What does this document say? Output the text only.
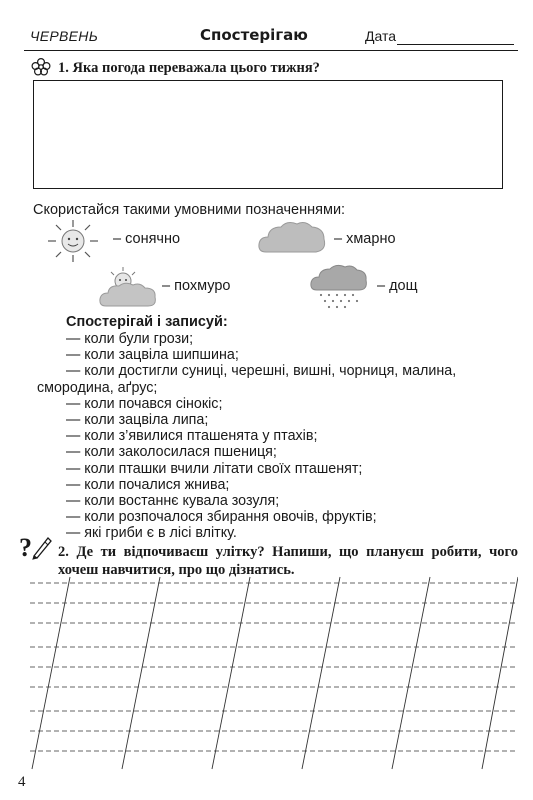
ЧЕРВЕНЬ	Спостерігаю	Дата
1. Яка погода переважала цього тижня?
Скористайся такими умовними позначеннями:
– сонячно	– хмарно
– похмуро	– дощ
Спостерігай і записуй:
— коли були грози;
— коли зацвіла шипшина;
— коли достигли суниці, черешні, вишні, чорниця, малина,
смородина, аґрус;
— коли почався сінокіс;
— коли зацвіла липа;
— коли з’явилися пташенята у птахів;
— коли заколосилася пшениця;
— коли пташки вчили літати своїх пташенят;
— коли почалися жнива;
— коли востаннє кувала зозуля;
— коли розпочалося збирання овочів, фруктів;
— які гриби є в лісі влітку.
? 2. Де ти відпочиваєш улітку? Напиши, що плануєш робити, чого хочеш навчитися, про що дізнатись.
4
